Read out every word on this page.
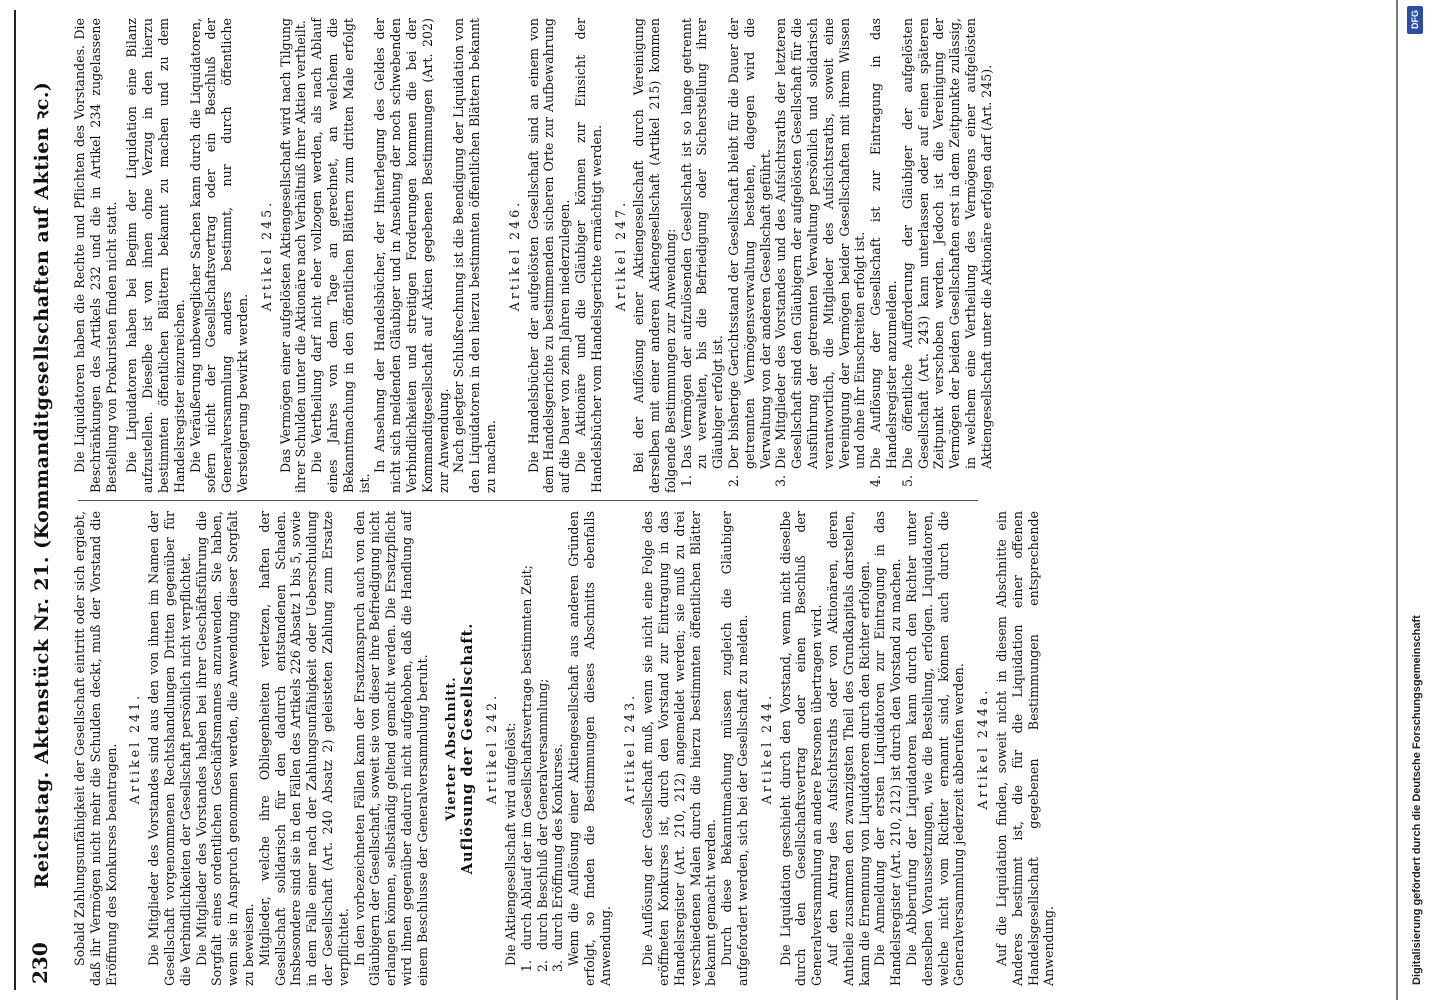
230
Reichstag. Aktenstück Nr. 21. (Kommanditgesellschaften auf Aktien ꝛc.) Sobald Zahlungsunfähigkeit der Gesellschaft eintritt oder sich ergiebt, daß ihr Vermögen nicht mehr die Schulden deckt, muß der Vorstand die Eröffnung des Konkurses beantragen. Artikel 241. Die Mitglieder des Vorstandes sind aus den von ihnen im Namen der Gesellschaft vorgenommenen Rechtshandlungen Dritten gegenüber für die Verbindlichkeiten der Gesellschaft persönlich nicht verpflichtet. Die Mitglieder des Vorstandes haben bei ihrer Geschäftsführung die Sorgfalt eines ordentlichen Geschäftsmannes anzuwenden. Sie haben, wenn sie in Anspruch genommen werden, die Anwendung dieser Sorgfalt zu beweisen. Mitglieder, welche ihre Obliegenheiten verletzen, haften der Gesellschaft solidarisch für den dadurch entstandenen Schaden. Insbesondere sind sie in den Fällen des Artikels 226 Absatz 1 bis 5, sowie in dem Falle einer nach der Zahlungsunfähigkeit oder Ueberschuldung der Gesellschaft (Art. 240 Absatz 2) geleisteten Zahlung zum Ersatze verpflichtet. In den vorbezeichneten Fällen kann der Ersatzanspruch auch von den Gläubigern der Gesellschaft, soweit sie von dieser ihre Befriedigung nicht erlangen können, selbständig geltend gemacht werden. Die Ersatzpflicht wird ihnen gegenüber dadurch nicht aufgehoben, daß die Handlung auf einem Beschlusse der Generalversammlung beruht. Vierter Abschnitt. Auflösung der Gesellschaft. Artikel 242. Die Aktiengesellschaft wird aufgelöst: 1.
durch Ablauf der im Gesellschaftsvertrage bestimmten Zeit;
2.
durch Beschluß der Generalversammlung;
3.
durch Eröffnung des Konkurses. Wenn die Auflösung einer Aktiengesellschaft aus anderen Gründen erfolgt, so finden die Bestimmungen dieses Abschnitts ebenfalls Anwendung.

Artikel 243. Die Auflösung der Gesellschaft muß, wenn sie nicht eine Folge des eröffneten Konkurses ist, durch den Vorstand zur Eintragung in das Handelsregister (Art. 210, 212) angemeldet werden; sie muß zu drei verschiedenen Malen durch die hierzu bestimmten öffentlichen Blätter bekannt gemacht werden. Durch diese Bekanntmachung müssen zugleich die Gläubiger aufgefordert werden, sich bei der Gesellschaft zu melden. Artikel 244. Die Liquidation geschieht durch den Vorstand, wenn nicht dieselbe durch den Gesellschaftsvertrag oder einen Beschluß der Generalversammlung an andere Personen übertragen wird. Auf den Antrag des Aufsichtsraths oder von Aktionären, deren Antheile zusammen den zwanzigsten Theil des Grundkapitals darstellen, kann die Ernennung von Liquidatoren durch den Richter erfolgen. Die Anmeldung der ersten Liquidatoren zur Eintragung in das Handelsregister (Art. 210, 212) ist durch den Vorstand zu machen. Die Abberufung der Liquidatoren kann durch den Richter unter denselben Voraussetzungen, wie die Bestellung, erfolgen. Liquidatoren, welche nicht vom Richter ernannt sind, können auch durch die Generalversammlung jederzeit abberufen werden. Artikel 244a. Auf die Liquidation finden, soweit nicht in diesem Abschnitte ein Anderes bestimmt ist, die für die Liquidation einer offenen Handelsgesellschaft gegebenen Bestimmungen entsprechende Anwendung.

Die Liquidatoren haben die Rechte und Pflichten des Vorstandes. Die Beschränkungen des Artikels 232 und die in Artikel 234 zugelassene Bestellung von Prokuristen finden nicht statt. Die Liquidatoren haben bei Beginn der Liquidation eine Bilanz aufzustellen. Dieselbe ist von ihnen ohne Verzug in den hierzu bestimmten öffentlichen Blättern bekannt zu machen und zu dem Handelsregister einzureichen. Die Veräußerung unbeweglicher Sachen kann durch die Liquidatoren, sofern nicht der Gesellschaftsvertrag oder ein Beschluß der Generalversammlung anders bestimmt, nur durch öffentliche Versteigerung bewirkt werden.

Artikel 245. Das Vermögen einer aufgelösten Aktiengesellschaft wird nach Tilgung ihrer Schulden unter die Aktionäre nach Verhältniß ihrer Aktien vertheilt. Die Vertheilung darf nicht eher vollzogen werden, als nach Ablauf eines Jahres von dem Tage an gerechnet, an welchem die Bekanntmachung in den öffentlichen Blättern zum dritten Male erfolgt ist.

In Ansehung der Handelsbücher, der Hinterlegung des Geldes der nicht sich meldenden Gläubiger und in Ansehung der noch schwebenden Verbindlichkeiten und streitigen Forderungen kommen die bei der Kommanditgesellschaft auf Aktien gegebenen Bestimmungen (Art. 202) zur Anwendung. Nach gelegter Schlußrechnung ist die Beendigung der Liquidation von den Liquidatoren in den hierzu bestimmten öffentlichen Blättern bekannt zu machen.

Artikel 246. Die Handelsbücher der aufgelösten Gesellschaft sind an einem von dem Handelsgerichte zu bestimmenden sicheren Orte zur Aufbewahrung auf die Dauer von zehn Jahren niederzulegen. Die Aktionäre und die Gläubiger können zur Einsicht der Handelsbücher vom Handelsgerichte ermächtigt werden. Artikel 247. Bei der Auflösung einer Aktiengesellschaft durch Vereinigung derselben mit einer anderen Aktiengesellschaft (Artikel 215) kommen folgende Bestimmungen zur Anwendung: 1.
Das Vermögen der aufzulösenden Gesellschaft ist so lange getrennt zu verwalten, bis die Befriedigung oder Sicherstellung ihrer Gläubiger erfolgt ist.
2.
Der bisherige Gerichtsstand der Gesellschaft bleibt für die Dauer der getrennten Vermögensverwaltung bestehen, dagegen wird die Verwaltung von der anderen Gesellschaft geführt.
3.
Die Mitglieder des Vorstandes und des Aufsichtsraths der letzteren Gesellschaft sind den Gläubigern der aufgelösten Gesellschaft für die Ausführung der getrennten Verwaltung persönlich und solidarisch verantwortlich, die Mitglieder des Aufsichtsraths, soweit eine Vereinigung der Vermögen beider Gesellschaften mit ihrem Wissen und ohne ihr Einschreiten erfolgt ist.
4.
Die Auflösung der Gesellschaft ist zur Eintragung in das Handelsregister anzumelden.
5.
Die öffentliche Aufforderung der Gläubiger der aufgelösten Gesellschaft (Art. 243) kann unterlassen oder auf einen späteren Zeitpunkt verschoben werden. Jedoch ist die Vereinigung der Vermögen der beiden Gesellschaften erst in dem Zeitpunkte zulässig, in welchem eine Vertheilung des Vermögens einer aufgelösten Aktiengesellschaft unter die Aktionäre erfolgen darf (Art. 245).
DFG
Digitalisierung gefördert durch die Deutsche Forschungsgemeinschaft
